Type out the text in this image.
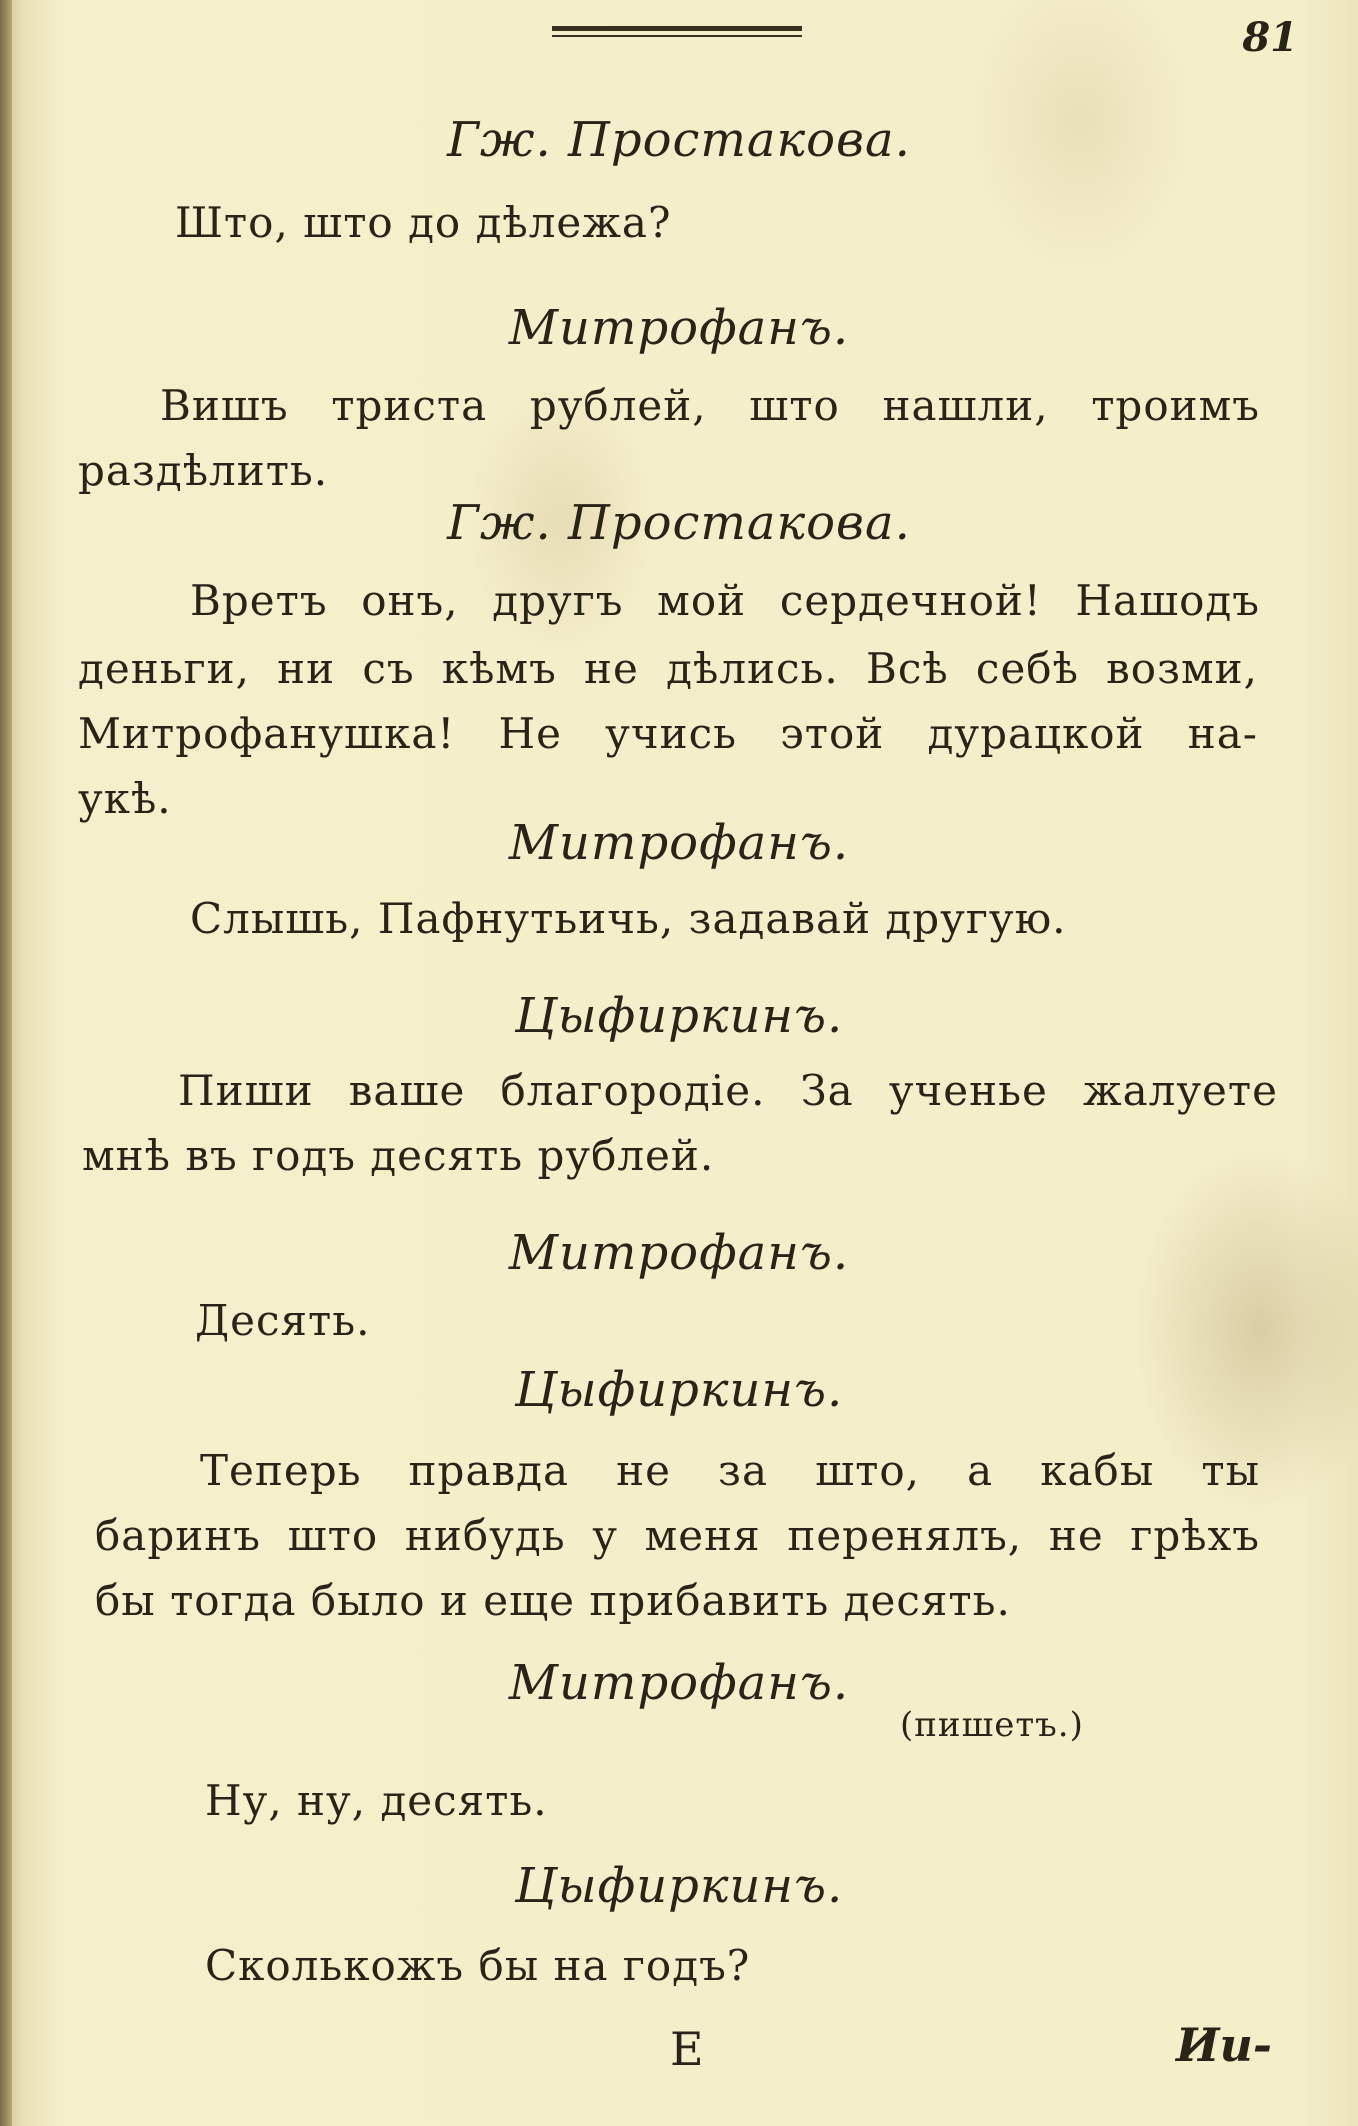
81
Гж. Простакова.
Што, што до дѣлежа?
Митрофанъ.
Вишъ триста рублей, што нашли, троимъ
раздѣлить.
Гж. Простакова.
Вретъ онъ, другъ мой сердечной! Нашодъ
деньги, ни съ кѣмъ не дѣлись. Всѣ себѣ возми,
Митрофанушка! Не учись этой дурацкой на-
укѣ.
Митрофанъ.
Слышь, Пафнутьичь, задавай другую.
Цыфиркинъ.
Пиши ваше благородіе. За ученье жалуете
мнѣ въ годъ десять рублей.
Митрофанъ.
Десять.
Цыфиркинъ.
Теперь правда не за што, а кабы ты
баринъ што нибудь у меня перенялъ, не грѣхъ
бы тогда было и еще прибавить десять.
Митрофанъ.
(пишетъ.)
Ну, ну, десять.
Цыфиркинъ.
Сколькожъ бы на годъ?
Е	Ии-
